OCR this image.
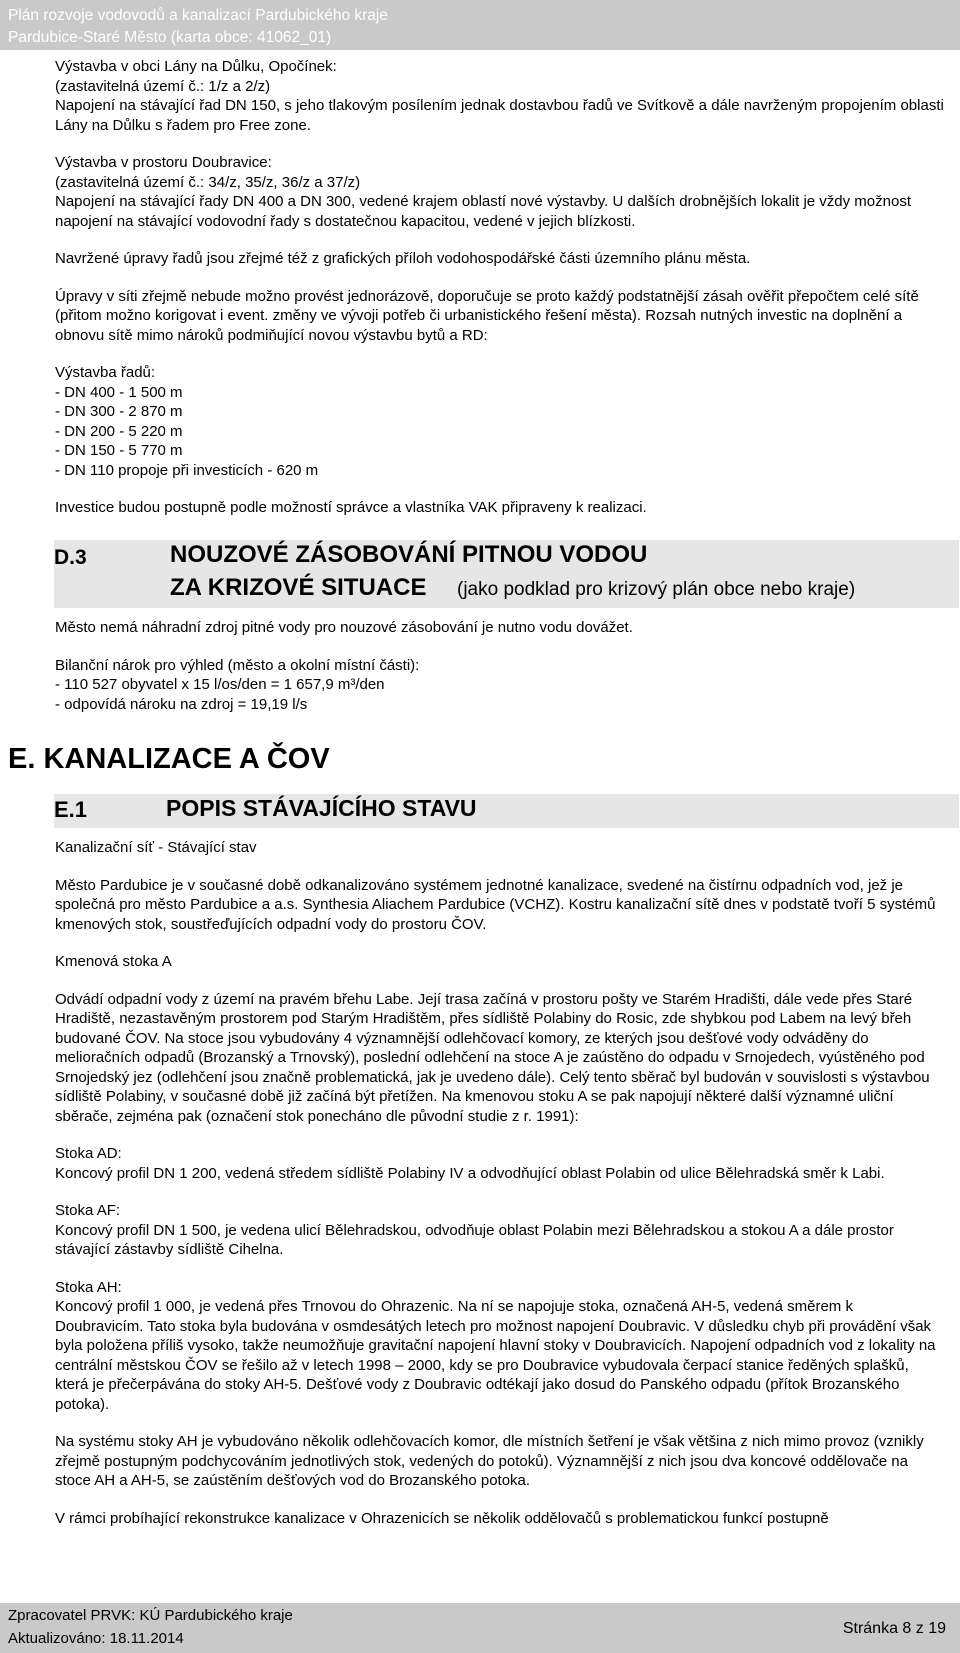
Plán rozvoje vodovodů a kanalizací Pardubického kraje
Pardubice-Staré Město (karta obce: 41062_01)

Výstavba v obci Lány na Důlku, Opočínek:

(zastavitelná území č.: 1/z a 2/z)

Napojení na stávající řad DN 150, s jeho tlakovým posílením jednak dostavbou řadů ve Svítkově a dále navrženým propojením oblasti Lány na Důlku s řadem pro Free zone.

Výstavba v prostoru Doubravice:

(zastavitelná území č.: 34/z, 35/z, 36/z a 37/z)

Napojení na stávající řady DN 400 a DN 300, vedené krajem oblastí nové výstavby. U dalších drobnějších lokalit je vždy možnost napojení na stávající vodovodní řady s dostatečnou kapacitou, vedené v jejich blízkosti.

Navržené úpravy řadů jsou zřejmé též z grafických příloh vodohospodářské části územního plánu města.

Úpravy v síti zřejmě nebude možno provést jednorázově, doporučuje se proto každý podstatnější zásah ověřit přepočtem celé sítě (přitom možno korigovat i event. změny ve vývoji potřeb či urbanistického řešení města). Rozsah nutných investic na doplnění a obnovu sítě mimo nároků podmiňující novou výstavbu bytů a RD:

Výstavba řadů:

- DN 400 - 1 500 m

- DN 300 - 2 870 m

- DN 200 - 5 220 m

- DN 150 - 5 770 m

- DN 110 propoje při investicích - 620 m

Investice budou postupně podle možností správce a vlastníka VAK připraveny k realizaci.

D.3	NOUZOVÉ ZÁSOBOVÁNÍ PITNOU VODOU
ZA KRIZOVÉ SITUACE (jako podklad pro krizový plán obce nebo kraje)

Město nemá náhradní zdroj pitné vody pro nouzové zásobování je nutno vodu dovážet.

Bilanční nárok pro výhled (město a okolní místní části):

- 110 527 obyvatel x 15 l/os/den = 1 657,9 m³/den

- odpovídá nároku na zdroj = 19,19 l/s

E. KANALIZACE A ČOV
E.1	POPIS STÁVAJÍCÍHO STAVU

Kanalizační síť - Stávající stav

Město Pardubice je v současné době odkanalizováno systémem jednotné kanalizace, svedené na čistírnu odpadních vod, jež je společná pro město Pardubice a a.s. Synthesia Aliachem Pardubice (VCHZ). Kostru kanalizační sítě dnes v podstatě tvoří 5 systémů kmenových stok, soustřeďujících odpadní vody do prostoru ČOV.

Kmenová stoka A

Odvádí odpadní vody z území na pravém břehu Labe. Její trasa začíná v prostoru pošty ve Starém Hradišti, dále vede přes Staré Hradiště, nezastavěným prostorem pod Starým Hradištěm, přes sídliště Polabiny do Rosic, zde shybkou pod Labem na levý břeh budované ČOV. Na stoce jsou vybudovány 4 významnější odlehčovací komory, ze kterých jsou dešťové vody odváděny do melioračních odpadů (Brozanský a Trnovský), poslední odlehčení na stoce A je zaústěno do odpadu v Srnojedech, vyústěného pod Srnojedský jez (odlehčení jsou značně problematická, jak je uvedeno dále). Celý tento sběrač byl budován v souvislosti s výstavbou sídliště Polabiny, v současné době již začíná být přetížen. Na kmenovou stoku A se pak napojují některé další významné uliční sběrače, zejména pak (označení stok ponecháno dle původní studie z r. 1991):

Stoka AD:

Koncový profil DN 1 200, vedená středem sídliště Polabiny IV a odvodňující oblast Polabin od ulice Bělehradská směr k Labi.

Stoka AF:

Koncový profil DN 1 500, je vedena ulicí Bělehradskou, odvodňuje oblast Polabin mezi Bělehradskou a stokou A a dále prostor stávající zástavby sídliště Cihelna.

Stoka AH:

Koncový profil 1 000, je vedená přes Trnovou do Ohrazenic. Na ní se napojuje stoka, označená AH-5, vedená směrem k Doubravicím. Tato stoka byla budována v osmdesátých letech pro možnost napojení Doubravic. V důsledku chyb při provádění však byla položena příliš vysoko, takže neumožňuje gravitační napojení hlavní stoky v Doubravicích. Napojení odpadních vod z lokality na centrální městskou ČOV se řešilo až v letech 1998 – 2000, kdy se pro Doubravice vybudovala čerpací stanice ředěných splašků, která je přečerpávána do stoky AH-5. Dešťové vody z Doubravic odtékají jako dosud do Panského odpadu (přítok Brozanského potoka).

Na systému stoky AH je vybudováno několik odlehčovacích komor, dle místních šetření je však většina z nich mimo provoz (vznikly zřejmě postupným podchycováním jednotlivých stok, vedených do potoků). Významnější z nich jsou dva koncové oddělovače na stoce AH a AH-5, se zaústěním dešťových vod do Brozanského potoka.

V rámci probíhající rekonstrukce kanalizace v Ohrazenicích se několik oddělovačů s problematickou funkcí postupně

Zpracovatel PRVK: KÚ Pardubického kraje
Aktualizováno: 18.11.2014
Stránka 8 z 19
